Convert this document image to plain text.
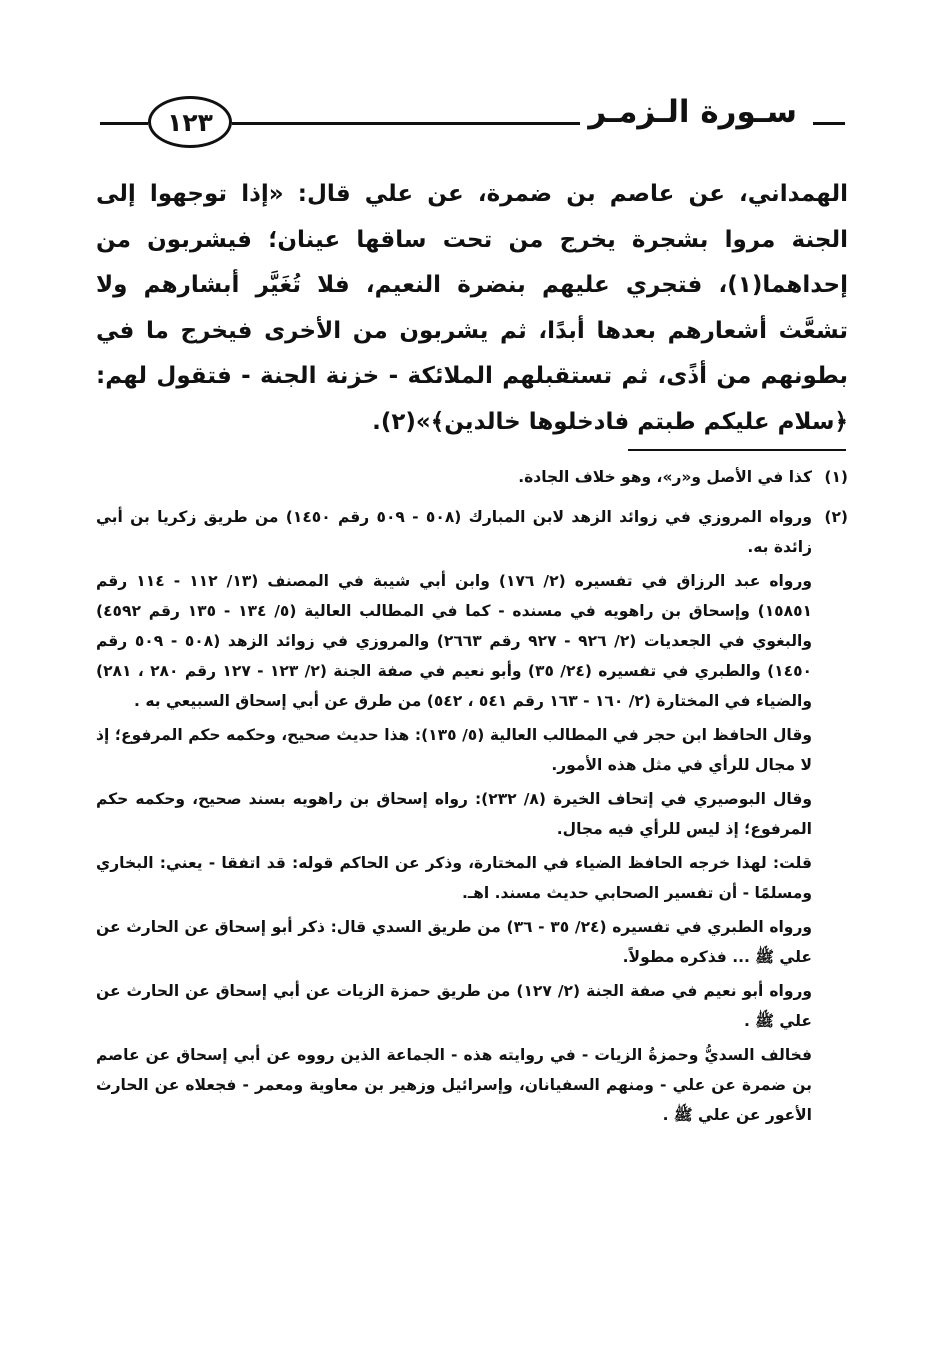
١٢٣	سـورة الـزمـر

الهمداني، عن عاصم بن ضمرة، عن علي قال: «إذا توجهوا إلى الجنة مروا بشجرة يخرج من تحت ساقها عينان؛ فيشربون من إحداهما(١)، فتجري عليهم بنضرة النعيم، فلا تُغَيَّر أبشارهم ولا تشعَّث أشعارهم بعدها أبدًا، ثم يشربون من الأخرى فيخرج ما في بطونهم من أذًى، ثم تستقبلهم الملائكة - خزنة الجنة - فتقول لهم: ﴿سلام عليكم طبتم فادخلوها خالدين﴾»(٢).

(١)

كذا في الأصل و«ر»، وهو خلاف الجادة.

(٢)

ورواه المروزي في زوائد الزهد لابن المبارك (٥٠٨ - ٥٠٩ رقم ١٤٥٠) من طريق زكريا بن أبي زائدة به.

ورواه عبد الرزاق في تفسيره (٢/ ١٧٦) وابن أبي شيبة في المصنف (١٣/ ١١٢ - ١١٤ رقم ١٥٨٥١) وإسحاق بن راهويه في مسنده - كما في المطالب العالية (٥/ ١٣٤ - ١٣٥ رقم ٤٥٩٢) والبغوي في الجعديات (٢/ ٩٢٦ - ٩٢٧ رقم ٢٦٦٣) والمروزي في زوائد الزهد (٥٠٨ - ٥٠٩ رقم ١٤٥٠) والطبري في تفسيره (٢٤/ ٣٥) وأبو نعيم في صفة الجنة (٢/ ١٢٣ - ١٢٧ رقم ٢٨٠ ، ٢٨١) والضياء في المختارة (٢/ ١٦٠ - ١٦٣ رقم ٥٤١ ، ٥٤٢) من طرق عن أبي إسحاق السبيعي به .

وقال الحافظ ابن حجر في المطالب العالية (٥/ ١٣٥): هذا حديث صحيح، وحكمه حكم المرفوع؛ إذ لا مجال للرأي في مثل هذه الأمور.

وقال البوصيري في إتحاف الخيرة (٨/ ٢٣٢): رواه إسحاق بن راهويه بسند صحيح، وحكمه حكم المرفوع؛ إذ ليس للرأي فيه مجال.

قلت: لهذا خرجه الحافظ الضياء في المختارة، وذكر عن الحاكم قوله: قد اتفقا - يعني: البخاري ومسلمًا - أن تفسير الصحابي حديث مسند. اهـ.

ورواه الطبري في تفسيره (٢٤/ ٣٥ - ٣٦) من طريق السدي قال: ذكر أبو إسحاق عن الحارث عن علي ﷺ ... فذكره مطولاً.

ورواه أبو نعيم في صفة الجنة (٢/ ١٢٧) من طريق حمزة الزيات عن أبي إسحاق عن الحارث عن علي ﷺ .

فخالف السديُّ وحمزةُ الزيات - في روايته هذه - الجماعة الذين رووه عن أبي إسحاق عن عاصم بن ضمرة عن علي - ومنهم السفيانان، وإسرائيل وزهير بن معاوية ومعمر - فجعلاه عن الحارث الأعور عن علي ﷺ .
